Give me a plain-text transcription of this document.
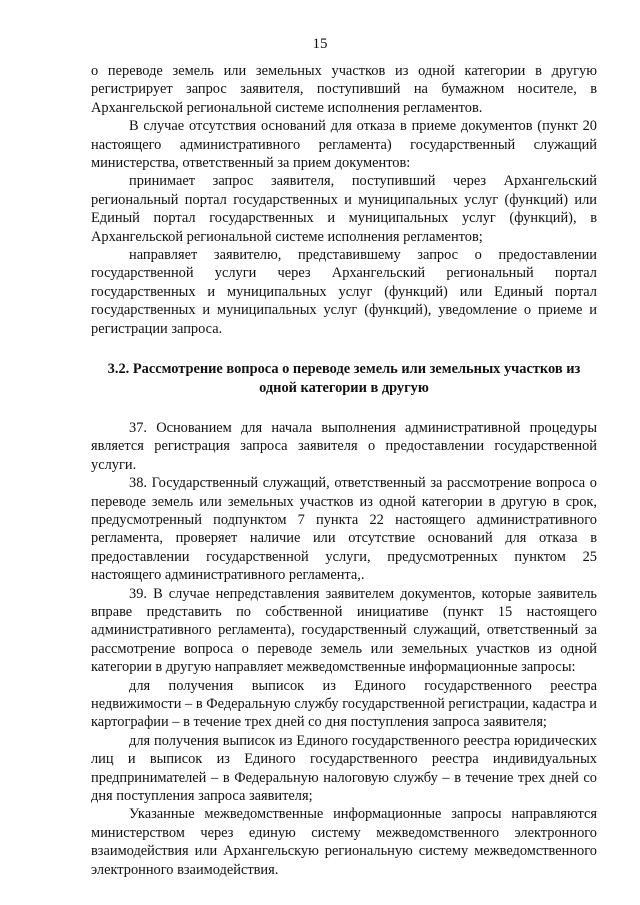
15

о переводе земель или земельных участков из одной категории в другую регистрирует запрос заявителя, поступивший на бумажном носителе, в Архангельской региональной системе исполнения регламентов.

В случае отсутствия оснований для отказа в приеме документов (пункт 20 настоящего административного регламента) государственный служащий министерства, ответственный за прием документов:

принимает запрос заявителя, поступивший через Архангельский региональный портал государственных и муниципальных услуг (функций) или Единый портал государственных и муниципальных услуг (функций), в Архангельской региональной системе исполнения регламентов;

направляет заявителю, представившему запрос о предоставлении государственной услуги через Архангельский региональный портал государственных и муниципальных услуг (функций) или Единый портал государственных и муниципальных услуг (функций), уведомление о приеме и регистрации запроса.

3.2. Рассмотрение вопроса о переводе земель или земельных участков из одной категории в другую

37. Основанием для начала выполнения административной процедуры является регистрация запроса заявителя о предоставлении государственной услуги.

38. Государственный служащий, ответственный за рассмотрение вопроса о переводе земель или земельных участков из одной категории в другую в срок, предусмотренный подпунктом 7 пункта 22 настоящего административного регламента, проверяет наличие или отсутствие оснований для отказа в предоставлении государственной услуги, предусмотренных пунктом 25 настоящего административного регламента,.

39. В случае непредставления заявителем документов, которые заявитель вправе представить по собственной инициативе (пункт 15 настоящего административного регламента), государственный служащий, ответственный за рассмотрение вопроса о переводе земель или земельных участков из одной категории в другую направляет межведомственные информационные запросы:

для получения выписок из Единого государственного реестра недвижимости – в Федеральную службу государственной регистрации, кадастра и картографии – в течение трех дней со дня поступления запроса заявителя;

для получения выписок из Единого государственного реестра юридических лиц и выписок из Единого государственного реестра индивидуальных предпринимателей – в Федеральную налоговую службу – в течение трех дней со дня поступления запроса заявителя;

Указанные межведомственные информационные запросы направляются министерством через единую систему межведомственного электронного взаимодействия или Архангельскую региональную систему межведомственного электронного взаимодействия.
